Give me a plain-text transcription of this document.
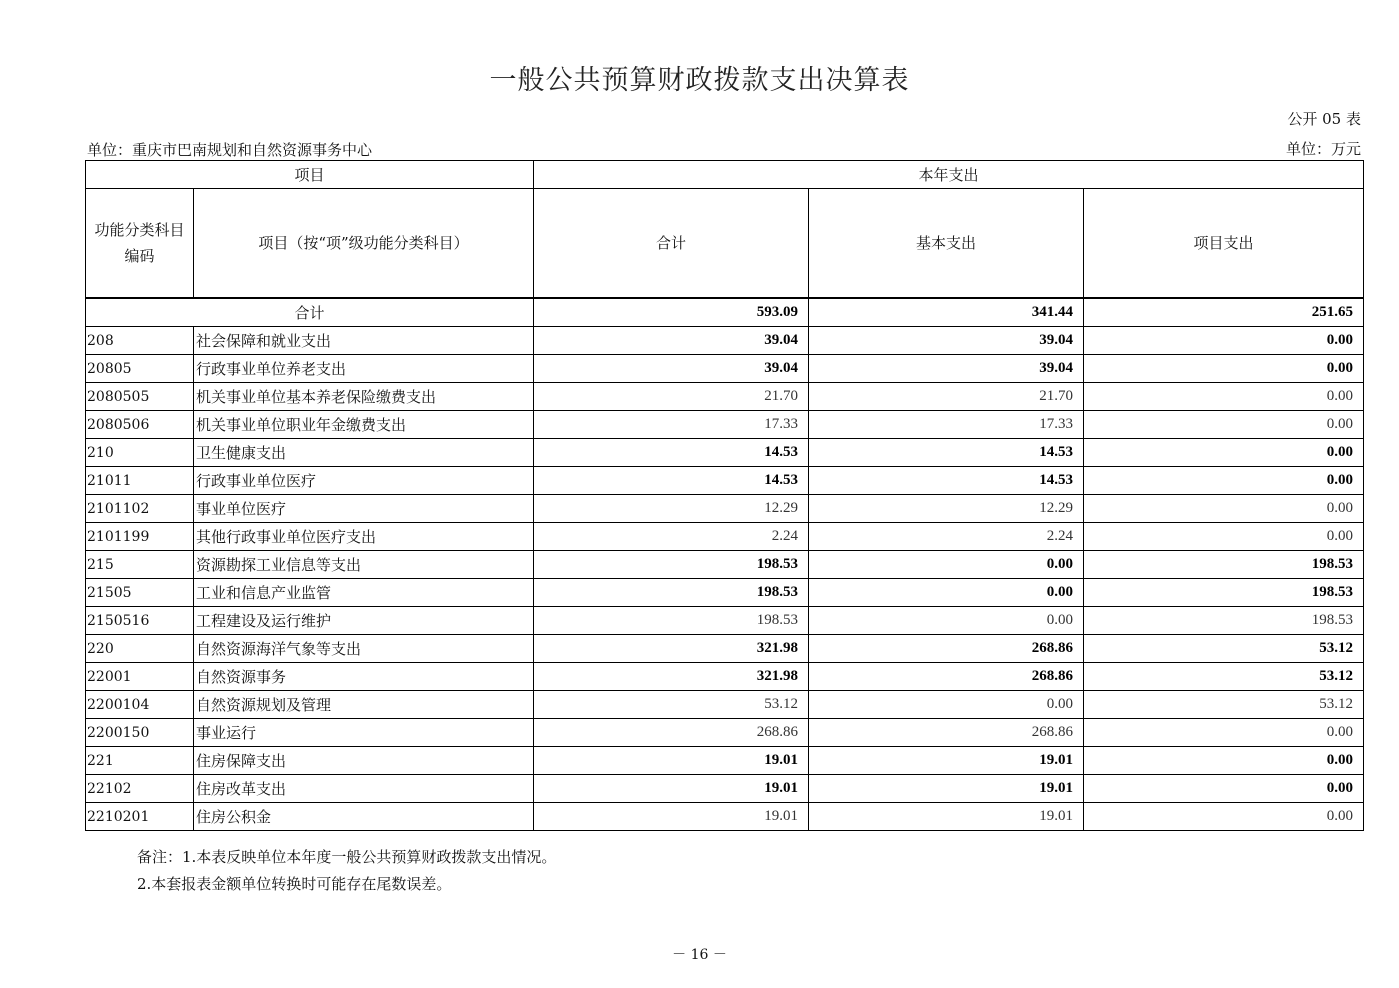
一般公共预算财政拨款支出决算表
公开 05 表
单位：重庆市巴南规划和自然资源事务中心	单位：万元
项目		本年支出		
功能分类科目编码	项目（按“项”级功能分类科目）	合计	基本支出	项目支出
合计		593.09	341.44	251.65
208	社会保障和就业支出	39.04	39.04	0.00
20805	行政事业单位养老支出	39.04	39.04	0.00
2080505	机关事业单位基本养老保险缴费支出	21.70	21.70	0.00
2080506	机关事业单位职业年金缴费支出	17.33	17.33	0.00
210	卫生健康支出	14.53	14.53	0.00
21011	行政事业单位医疗	14.53	14.53	0.00
2101102	事业单位医疗	12.29	12.29	0.00
2101199	其他行政事业单位医疗支出	2.24	2.24	0.00
215	资源勘探工业信息等支出	198.53	0.00	198.53
21505	工业和信息产业监管	198.53	0.00	198.53
2150516	工程建设及运行维护	198.53	0.00	198.53
220	自然资源海洋气象等支出	321.98	268.86	53.12
22001	自然资源事务	321.98	268.86	53.12
2200104	自然资源规划及管理	53.12	0.00	53.12
2200150	事业运行	268.86	268.86	0.00
221	住房保障支出	19.01	19.01	0.00
22102	住房改革支出	19.01	19.01	0.00
2210201	住房公积金	19.01	19.01	0.00
备注：1.本表反映单位本年度一般公共预算财政拨款支出情况。
2.本套报表金额单位转换时可能存在尾数误差。
－ 16 －
